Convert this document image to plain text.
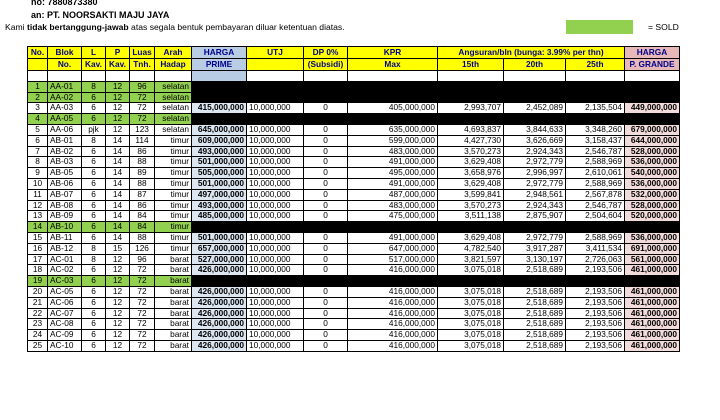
no: 7880873380
an: PT. NOORSAKTI MAJU JAYA
Kami tidak bertanggung-jawab atas segala bentuk pembayaran diluar ketentuan diatas.	= SOLD
No.	Blok	L	P	Luas	Arah	HARGA	UTJ	DP 0%	KPR	Angsuran/bln (bunga: 3.99% per thn)			HARGA
	No.	Kav.	Kav.	Tnh.	Hadap	PRIME		(Subsidi)	Max	15th	20th	25th	P. GRANDE

1	AA-01	8	12	96	selatan								
2	AA-02	6	12	72	selatan								
3	AA-03	6	12	72	selatan	415,000,000	10,000,000	0	405,000,000	2,993,707	2,452,089	2,135,504	449,000,000
4	AA-05	6	12	72	selatan								
5	AA-06	pjk	12	123	selatan	645,000,000	10,000,000	0	635,000,000	4,693,837	3,844,633	3,348,260	679,000,000
6	AB-01	8	14	114	timur	609,000,000	10,000,000	0	599,000,000	4,427,730	3,626,669	3,158,437	644,000,000
7	AB-02	6	14	86	timur	493,000,000	10,000,000	0	483,000,000	3,570,273	2,924,343	2,546,787	528,000,000
8	AB-03	6	14	88	timur	501,000,000	10,000,000	0	491,000,000	3,629,408	2,972,779	2,588,969	536,000,000
9	AB-05	6	14	89	timur	505,000,000	10,000,000	0	495,000,000	3,658,976	2,996,997	2,610,061	540,000,000
10	AB-06	6	14	88	timur	501,000,000	10,000,000	0	491,000,000	3,629,408	2,972,779	2,588,969	536,000,000
11	AB-07	6	14	87	timur	497,000,000	10,000,000	0	487,000,000	3,599,841	2,948,561	2,567,878	532,000,000
12	AB-08	6	14	86	timur	493,000,000	10,000,000	0	483,000,000	3,570,273	2,924,343	2,546,787	528,000,000
13	AB-09	6	14	84	timur	485,000,000	10,000,000	0	475,000,000	3,511,138	2,875,907	2,504,604	520,000,000
14	AB-10	6	14	84	timur								
15	AB-11	6	14	88	timur	501,000,000	10,000,000	0	491,000,000	3,629,408	2,972,779	2,588,969	536,000,000
16	AB-12	8	15	126	timur	657,000,000	10,000,000	0	647,000,000	4,782,540	3,917,287	3,411,534	691,000,000
17	AC-01	8	12	96	barat	527,000,000	10,000,000	0	517,000,000	3,821,597	3,130,197	2,726,063	561,000,000
18	AC-02	6	12	72	barat	426,000,000	10,000,000	0	416,000,000	3,075,018	2,518,689	2,193,506	461,000,000
19	AC-03	6	12	72	barat								
20	AC-05	6	12	72	barat	426,000,000	10,000,000	0	416,000,000	3,075,018	2,518,689	2,193,506	461,000,000
21	AC-06	6	12	72	barat	426,000,000	10,000,000	0	416,000,000	3,075,018	2,518,689	2,193,506	461,000,000
22	AC-07	6	12	72	barat	426,000,000	10,000,000	0	416,000,000	3,075,018	2,518,689	2,193,506	461,000,000
23	AC-08	6	12	72	barat	426,000,000	10,000,000	0	416,000,000	3,075,018	2,518,689	2,193,506	461,000,000
24	AC-09	6	12	72	barat	426,000,000	10,000,000	0	416,000,000	3,075,018	2,518,689	2,193,506	461,000,000
25	AC-10	6	12	72	barat	426,000,000	10,000,000	0	416,000,000	3,075,018	2,518,689	2,193,506	461,000,000
